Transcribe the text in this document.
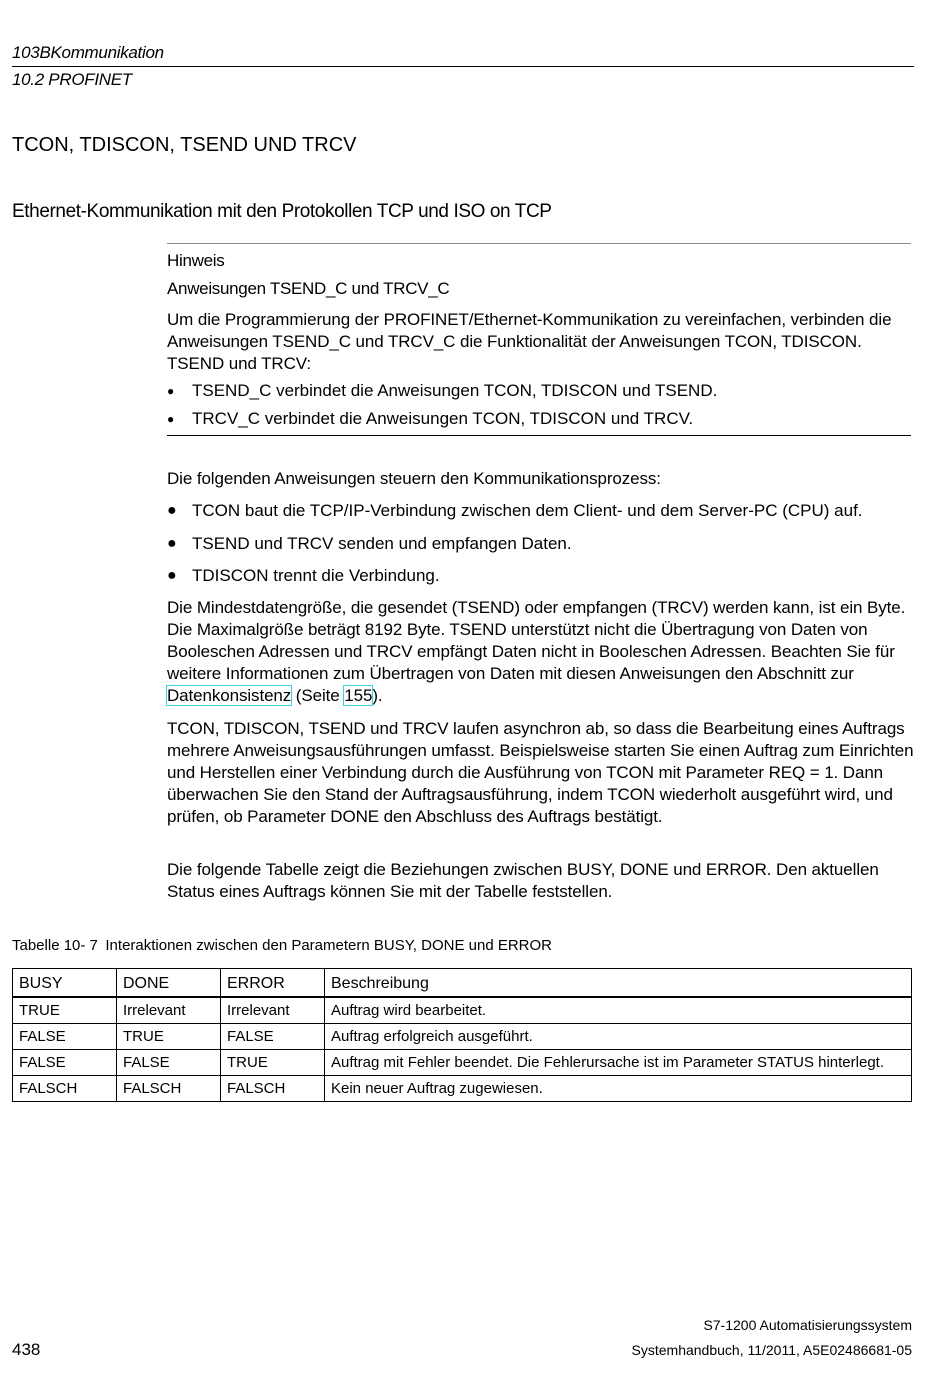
103BKommunikation
10.2 PROFINET
TCON, TDISCON, TSEND UND TRCV
Ethernet-Kommunikation mit den Protokollen TCP und ISO on TCP
Hinweis
Anweisungen TSEND_C und TRCV_C
Um die Programmierung der PROFINET/Ethernet-Kommunikation zu vereinfachen, verbinden die Anweisungen TSEND_C und TRCV_C die Funktionalität der Anweisungen TCON, TDISCON. TSEND und TRCV:
● TSEND_C verbindet die Anweisungen TCON, TDISCON und TSEND.
● TRCV_C verbindet die Anweisungen TCON, TDISCON und TRCV.
Die folgenden Anweisungen steuern den Kommunikationsprozess:
● TCON baut die TCP/IP-Verbindung zwischen dem Client- und dem Server-PC (CPU) auf.
● TSEND und TRCV senden und empfangen Daten.
● TDISCON trennt die Verbindung.
Die Mindestdatengröße, die gesendet (TSEND) oder empfangen (TRCV) werden kann, ist ein Byte. Die Maximalgröße beträgt 8192 Byte. TSEND unterstützt nicht die Übertragung von Daten von Booleschen Adressen und TRCV empfängt Daten nicht in Booleschen Adressen. Beachten Sie für weitere Informationen zum Übertragen von Daten mit diesen Anweisungen den Abschnitt zur Datenkonsistenz (Seite 155).
TCON, TDISCON, TSEND und TRCV laufen asynchron ab, so dass die Bearbeitung eines Auftrags mehrere Anweisungsausführungen umfasst. Beispielsweise starten Sie einen Auftrag zum Einrichten und Herstellen einer Verbindung durch die Ausführung von TCON mit Parameter REQ = 1. Dann überwachen Sie den Stand der Auftragsausführung, indem TCON wiederholt ausgeführt wird, und prüfen, ob Parameter DONE den Abschluss des Auftrags bestätigt.
Die folgende Tabelle zeigt die Beziehungen zwischen BUSY, DONE und ERROR. Den aktuellen Status eines Auftrags können Sie mit der Tabelle feststellen.
Tabelle 10- 7 Interaktionen zwischen den Parametern BUSY, DONE und ERROR
BUSY	DONE	ERROR	Beschreibung
TRUE	Irrelevant	Irrelevant	Auftrag wird bearbeitet.
FALSE	TRUE	FALSE	Auftrag erfolgreich ausgeführt.
FALSE	FALSE	TRUE	Auftrag mit Fehler beendet. Die Fehlerursache ist im Parameter STATUS hinterlegt.
FALSCH	FALSCH	FALSCH	Kein neuer Auftrag zugewiesen.
S7-1200 Automatisierungssystem
438	Systemhandbuch, 11/2011, A5E02486681-05
